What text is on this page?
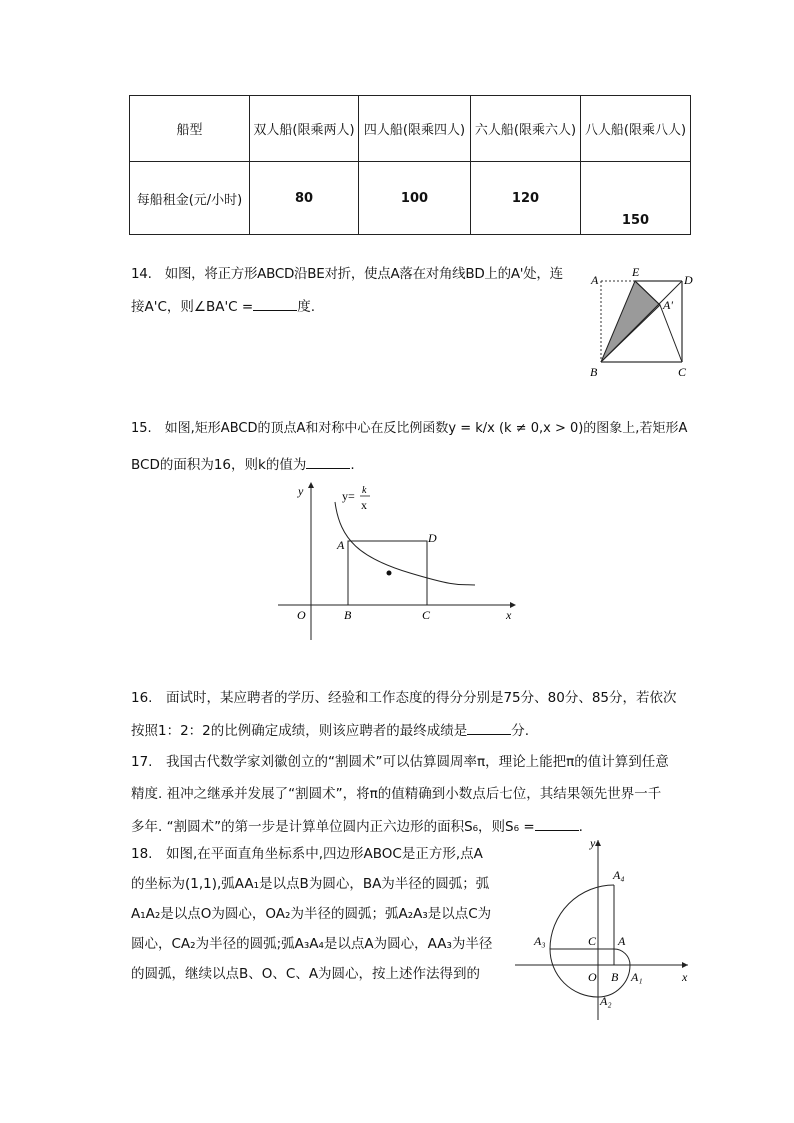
船型	双人船(限乘两人)	四人船(限乘四人)	六人船(限乘六人)	八人船(限乘八人)
每船租金(元/小时)	80	100	120	150
14.　如图，将正方形ABCD沿BE对折，使点A落在对角线BD上的A'处，连
接A'C，则∠BA'C =	度.
A
E
D
A'
B	C
15.　如图,矩形ABCD的顶点A和对称中心在反比例函数y = k/x (k ≠ 0,x > 0)的图象上,若矩形A
BCD的面积为16，则k的值为	.
y
x
O
A	D
B	C
y= k
x
16.　面试时，某应聘者的学历、经验和工作态度的得分分别是75分、80分、85分，若依次
按照1：2：2的比例确定成绩，则该应聘者的最终成绩是	分.
17.　我国古代数学家刘徽创立的“割圆术”可以估算圆周率π，理论上能把π的值计算到任意
精度. 祖冲之继承并发展了“割圆术”，将π的值精确到小数点后七位，其结果领先世界一千
多年. “割圆术”的第一步是计算单位圆内正六边形的面积S₆，则S₆ =	.
18.　如图,在平面直角坐标系中,四边形ABOC是正方形,点A
的坐标为(1,1),弧AA₁是以点B为圆心，BA为半径的圆弧；弧
A₁A₂是以点O为圆心，OA₂为半径的圆弧；弧A₂A₃是以点C为
圆心，CA₂为半径的圆弧;弧A₃A₄是以点A为圆心，AA₃为半径
的圆弧，继续以点B、O、C、A为圆心，按上述作法得到的
y
x
O B A₁
C A
A₃
A₂
A₄
